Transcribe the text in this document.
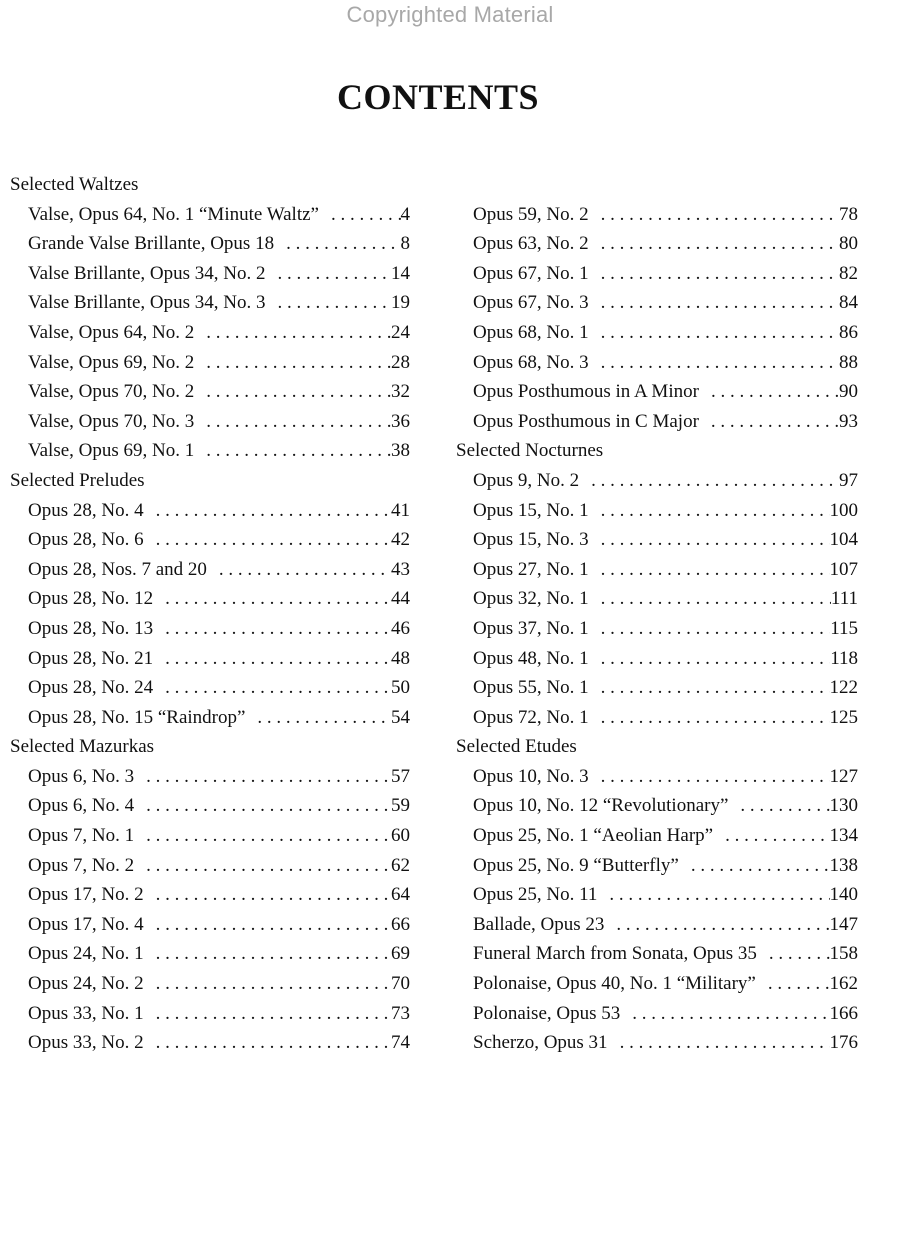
Copyrighted Material
CONTENTS
Selected Waltzes
Valse, Opus 64, No. 1 “Minute Waltz” . . .	4
Grande Valse Brillante, Opus 18 . . .	8
Valse Brillante, Opus 34, No. 2 . . .	14
Valse Brillante, Opus 34, No. 3 . . .	19
Valse, Opus 64, No. 2 . . .	24
Valse, Opus 69, No. 2 . . .	28
Valse, Opus 70, No. 2 . . .	32
Valse, Opus 70, No. 3 . . .	36
Valse, Opus 69, No. 1 . . .	38
Selected Preludes
Opus 28, No. 4 . . .	41
Opus 28, No. 6 . . .	42
Opus 28, Nos. 7 and 20 . . .	43
Opus 28, No. 12 . . .	44
Opus 28, No. 13 . . .	46
Opus 28, No. 21 . . .	48
Opus 28, No. 24 . . .	50
Opus 28, No. 15 “Raindrop” . . .	54
Selected Mazurkas
Opus 6, No. 3 . . .	57
Opus 6, No. 4 . . .	59
Opus 7, No. 1 . . .	60
Opus 7, No. 2 . . .	62
Opus 17, No. 2 . . .	64
Opus 17, No. 4 . . .	66
Opus 24, No. 1 . . .	69
Opus 24, No. 2 . . .	70
Opus 33, No. 1 . . .	73
Opus 33, No. 2 . . .	74
Opus 59, No. 2 . . .	78
Opus 63, No. 2 . . .	80
Opus 67, No. 1 . . .	82
Opus 67, No. 3 . . .	84
Opus 68, No. 1 . . .	86
Opus 68, No. 3 . . .	88
Opus Posthumous in A Minor . . .	90
Opus Posthumous in C Major . . .	93
Selected Nocturnes
Opus 9, No. 2 . . .	97
Opus 15, No. 1 . . .	100
Opus 15, No. 3 . . .	104
Opus 27, No. 1 . . .	107
Opus 32, No. 1 . . .	111
Opus 37, No. 1 . . .	115
Opus 48, No. 1 . . .	118
Opus 55, No. 1 . . .	122
Opus 72, No. 1 . . .	125
Selected Etudes
Opus 10, No. 3 . . .	127
Opus 10, No. 12 “Revolutionary” . . .	130
Opus 25, No. 1 “Aeolian Harp” . . .	134
Opus 25, No. 9 “Butterfly” . . .	138
Opus 25, No. 11 . . .	140
Ballade, Opus 23 . . .	147
Funeral March from Sonata, Opus 35 . . .	158
Polonaise, Opus 40, No. 1 “Military” . . .	162
Polonaise, Opus 53 . . .	166
Scherzo, Opus 31 . . .	176
